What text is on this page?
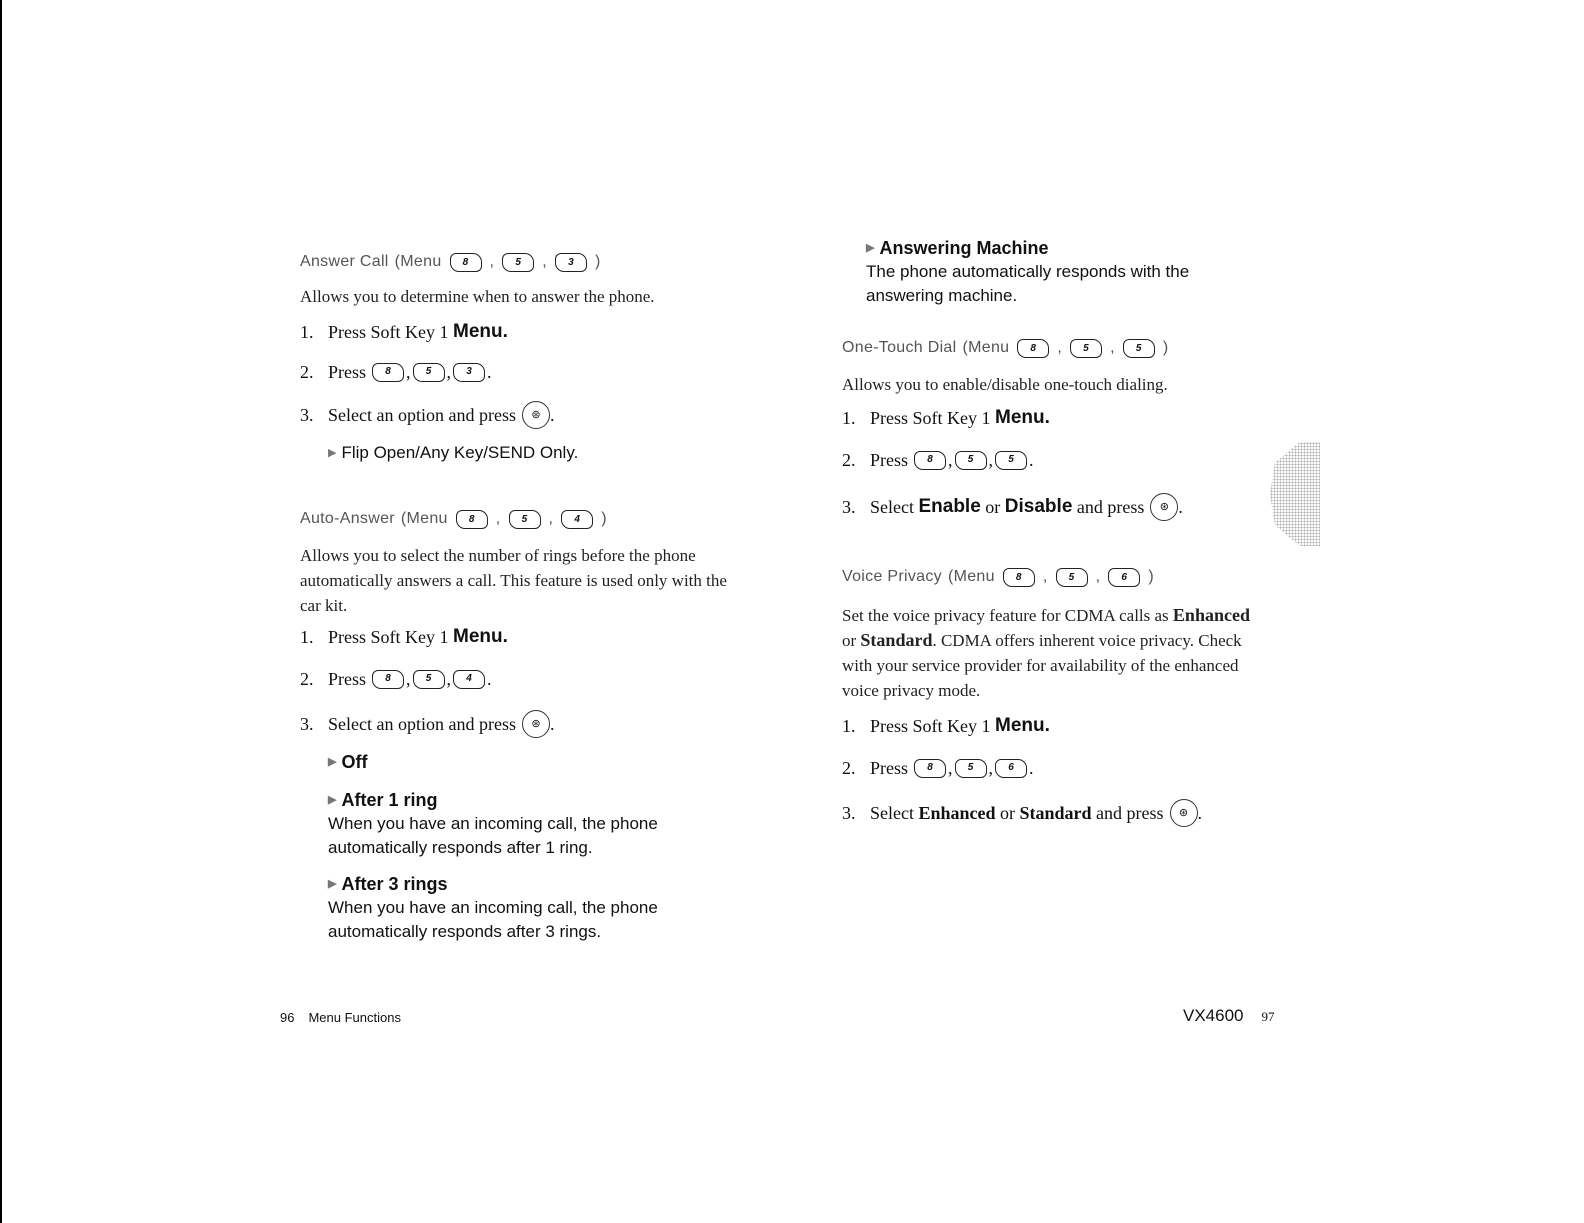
Answer Call (Menu	8	,	5	,	3	)

Allows you to determine when to answer the phone.

1. Press Soft Key 1
Menu.
2. Press	8 ,	5 ,	3 .
3. Select an option and press	⊛ .
▶ Flip Open/Any Key/SEND Only.
Auto-Answer (Menu	8	,	5	,	4	)

Allows you to select the number of rings before the phone automatically answers a call. This feature is used only with the car kit.

1. Press Soft Key 1
Menu.
2. Press	8 ,	5 ,	4 .
3. Select an option and press	⊛ .
▶ Off
▶ After 1 ring
When you have an incoming call, the phone automatically responds after 1 ring.
▶ After 3 rings
When you have an incoming call, the phone automatically responds after 3 rings.
▶ Answering Machine
The phone automatically responds with the answering machine.
One-Touch Dial (Menu	8	,	5	,	5	)

Allows you to enable/disable one-touch dialing.

1. Press Soft Key 1
Menu.
2. Press	8 ,	5 ,	5 .
3. Select
Enable
or
Disable
and press	⊛ .
Voice Privacy (Menu	8	,	5	,	6	)

Set the voice privacy feature for CDMA calls as Enhanced or Standard. CDMA offers inherent voice privacy. Check with your service provider for availability of the enhanced voice privacy mode.

1. Press Soft Key 1
Menu.
2. Press	8 ,	5 ,	6 .
3. Select
Enhanced
or
Standard
and press	⊛ .
96 Menu Functions	VX4600 97
